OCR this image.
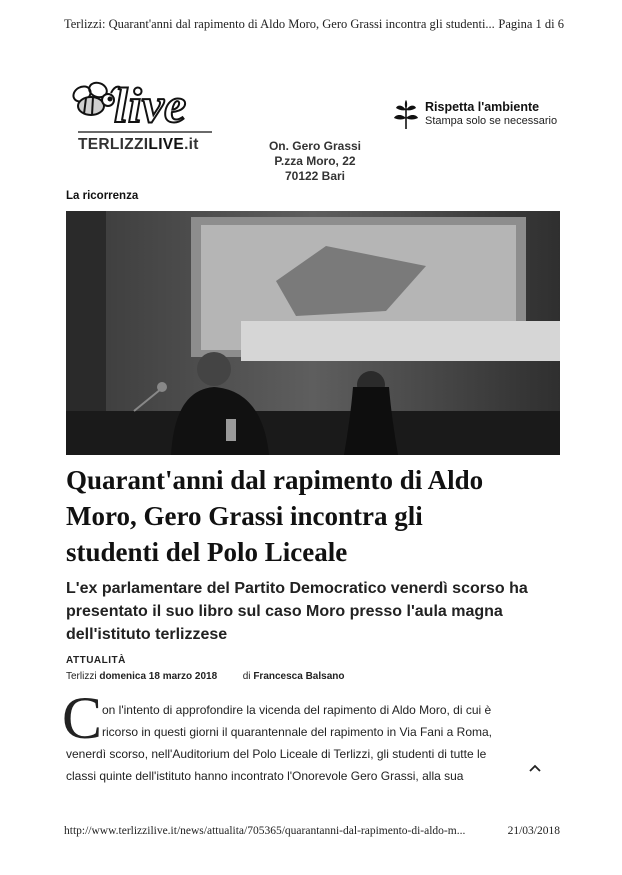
Terlizzi: Quarant'anni dal rapimento di Aldo Moro, Gero Grassi incontra gli studenti... Pagina 1 di 6
live
TERLIZZILIVE.it	On. Gero Grassi
P.zza Moro, 22
70122 Bari
Rispetta l'ambiente
Stampa solo se necessario
La ricorrenza
Quarant'anni dal rapimento di Aldo
Moro, Gero Grassi incontra gli
studenti del Polo Liceale

L'ex parlamentare del Partito Democratico venerdì scorso ha
presentato il suo libro sul caso Moro presso l'aula magna
dell'istituto terlizzese

ATTUALITÀ
Terlizzi domenica 18 marzo 2018	di Francesca Balsano
C on l'intento di approfondire la vicenda del rapimento di Aldo Moro, di cui è
ricorso in questi giorni il quarantennale del rapimento in Via Fani a Roma,
venerdì scorso, nell'Auditorium del Polo Liceale di Terlizzi, gli studenti di tutte le
classi quinte dell'istituto hanno incontrato l'Onorevole Gero Grassi, alla sua

http://www.terlizzilive.it/news/attualita/705365/quarantanni-dal-rapimento-di-aldo-m...	21/03/2018
